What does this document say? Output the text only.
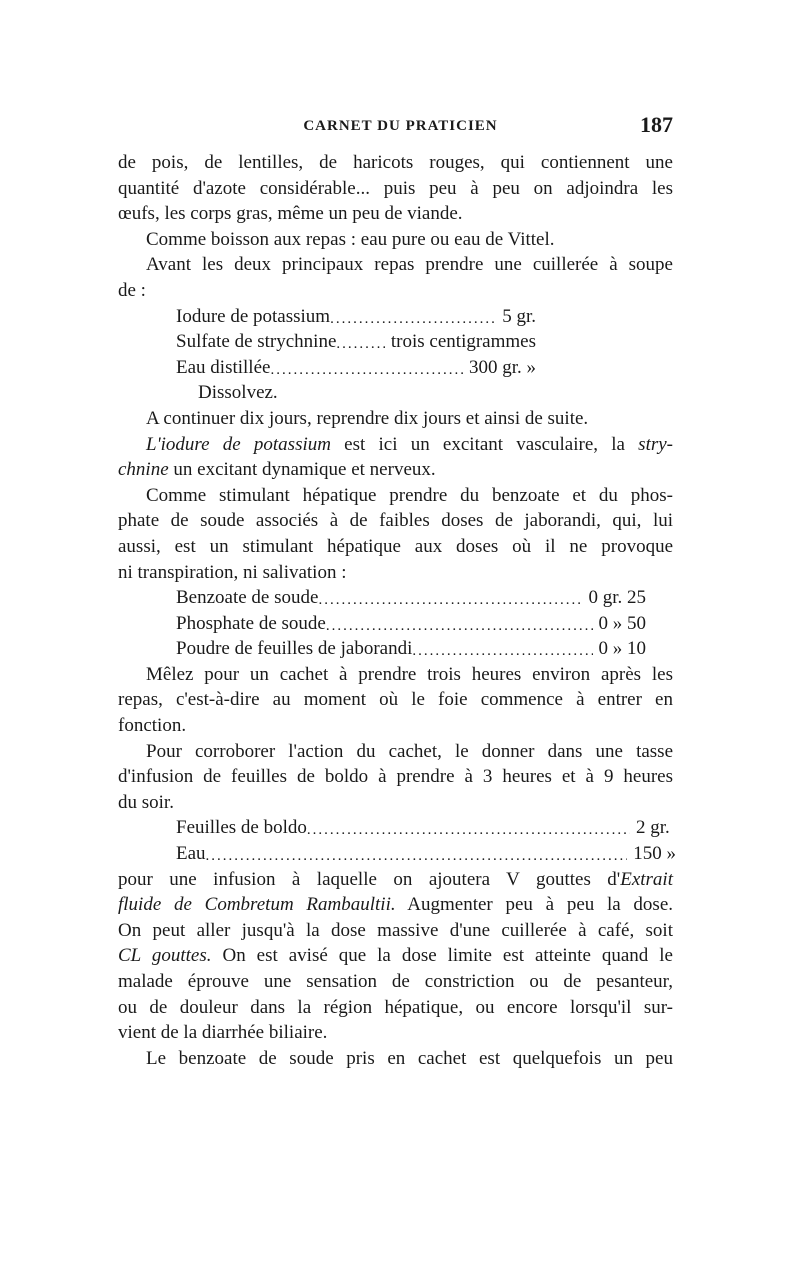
CARNET DU PRATICIEN	187
de pois, de lentilles, de haricots rouges, qui contiennent une
quantité d'azote considérable... puis peu à peu on adjoindra les
œufs, les corps gras, même un peu de viande.
Comme boisson aux repas : eau pure ou eau de Vittel.
Avant les deux principaux repas prendre une cuillerée à soupe
de :
Iodure de potassium .....	5 gr.
Sulfate de strychnine .....	trois centigrammes
Eau distillée .....	300 gr. »
Dissolvez.
A continuer dix jours, reprendre dix jours et ainsi de suite.
L'iodure de potassium est ici un excitant vasculaire, la stry-
chnine un excitant dynamique et nerveux.
Comme stimulant hépatique prendre du benzoate et du phos-
phate de soude associés à de faibles doses de jaborandi, qui, lui
aussi, est un stimulant hépatique aux doses où il ne provoque
ni transpiration, ni salivation :
Benzoate de soude .....	0 gr. 25
Phosphate de soude .....	0 » 50
Poudre de feuilles de jaborandi .....	0 » 10
Mêlez pour un cachet à prendre trois heures environ après les
repas, c'est-à-dire au moment où le foie commence à entrer en
fonction.
Pour corroborer l'action du cachet, le donner dans une tasse
d'infusion de feuilles de boldo à prendre à 3 heures et à 9 heures
du soir.
Feuilles de boldo .....	2 gr.
Eau .....	150 »
pour une infusion à laquelle on ajoutera V gouttes d'Extrait
fluide de Combretum Rambaultii. Augmenter peu à peu la dose.
On peut aller jusqu'à la dose massive d'une cuillerée à café, soit
CL gouttes. On est avisé que la dose limite est atteinte quand le
malade éprouve une sensation de constriction ou de pesanteur,
ou de douleur dans la région hépatique, ou encore lorsqu'il sur-
vient de la diarrhée biliaire.
Le benzoate de soude pris en cachet est quelquefois un peu
